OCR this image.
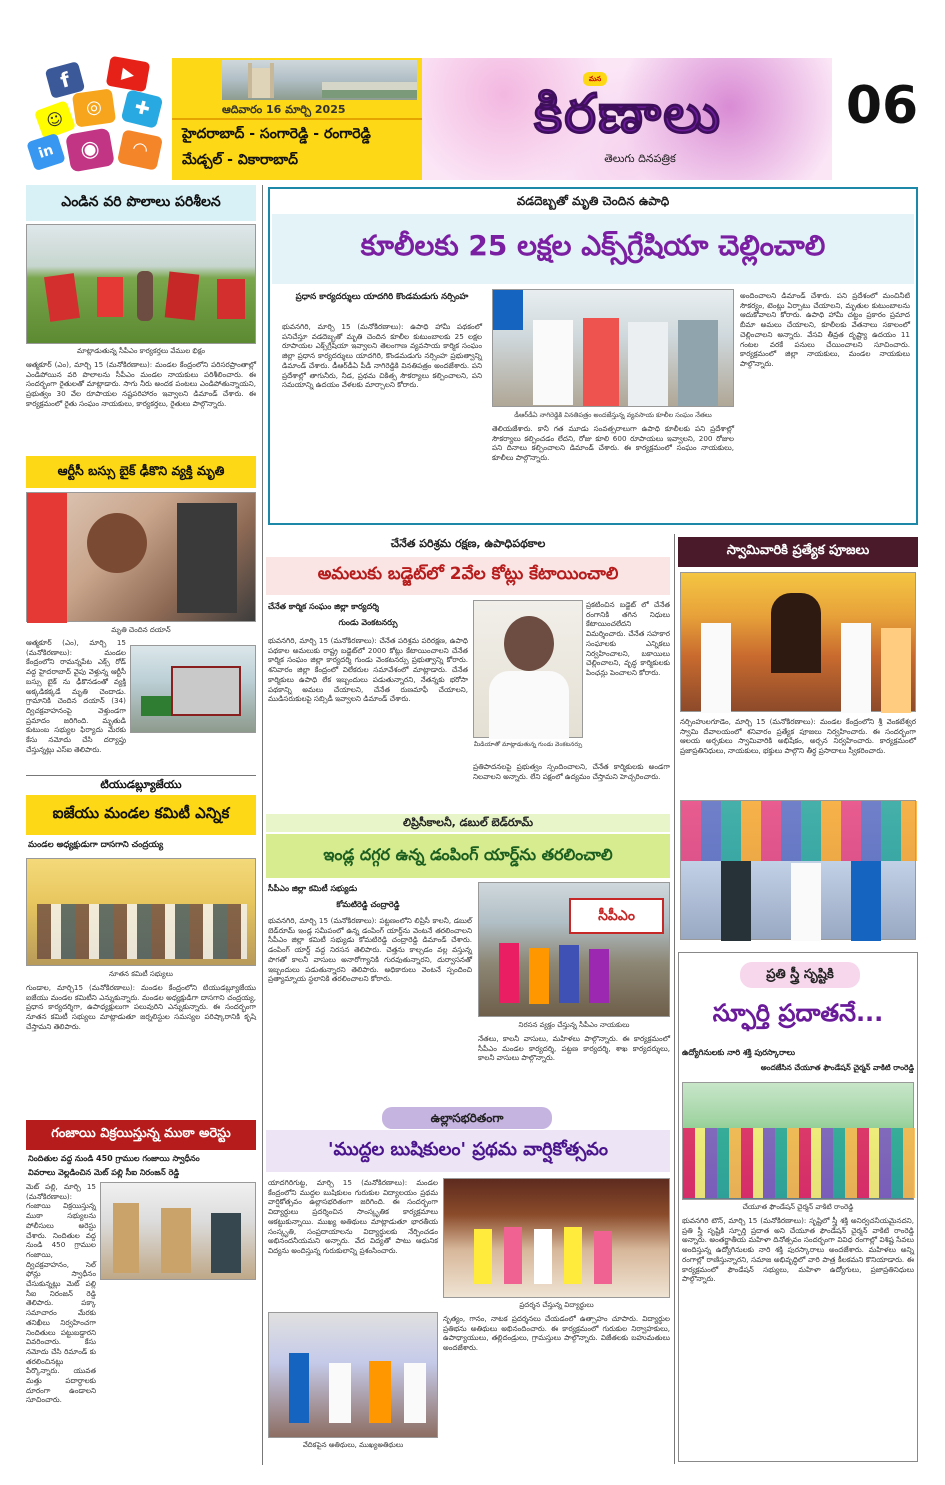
f	▶
◎
☺	✚
◉	◠
in
ఆదివారం 16 మార్చి 2025
హైదరాబాద్ - సంగారెడ్డి - రంగారెడ్డి
మేడ్చల్ - వికారాబాద్
మన
కిరణాలు
తెలుగు దినపత్రిక
06
ఎండిన వరి పొలాలు పరిశీలన
మాట్లాడుతున్న సీపీఎం కార్యకర్తలు వేముల భిక్షం
ఆత్మకూర్ (ఎం), మార్చి 15 (మనోకిరణాలు): మండల కేంద్రంలోని పరిసరప్రాంతాల్లో ఎండిపోయిన వరి పొలాలను సీపీఎం మండల నాయకులు పరిశీలించారు. ఈ సందర్భంగా రైతులతో మాట్లాడారు. సాగు నీరు అందక పంటలు ఎండిపోతున్నాయని, ప్రభుత్వం 30 వేల రూపాయల నష్టపరిహారం ఇవ్వాలని డిమాండ్ చేశారు. ఈ కార్యక్రమంలో రైతు సంఘం నాయకులు, కార్యకర్తలు, రైతులు పాల్గొన్నారు.
ఆర్టీసీ బస్సు బైక్ ఢీకొని వ్యక్తి మృతి
మృతి చెందిన దయాన్
ఆత్మకూర్ (ఎం), మార్చి 15 (మనోకిరణాలు): మండల కేంద్రంలోని రామన్నపేట ఎక్స్ రోడ్ వద్ద హైదరాబాద్ వైపు వెళ్తున్న ఆర్టీసీ బస్సు బైక్ ను ఢీకొనడంతో వ్యక్తి అక్కడికక్కడే మృతి చెందాడు. గ్రామానికి చెందిన దయాన్ (34) ద్విచక్రవాహనంపై వెళ్తుండగా ప్రమాదం జరిగింది. మృతుడి కుటుంబ సభ్యుల ఫిర్యాదు మేరకు కేసు నమోదు చేసి దర్యాప్తు చేస్తున్నట్లు ఎస్ఐ తెలిపారు.
టియుడబ్ల్యూజేయు
ఐజేయు మండల కమిటీ ఎన్నిక
మండల అధ్యక్షుడుగా దాసగాని చంద్రయ్య
నూతన కమిటీ సభ్యులు
గుండాల, మార్చి15 (మనోకిరణాలు): మండల కేంద్రంలోని టియుడబ్ల్యూజేయు ఐజేయు మండల కమిటీని ఎన్నుకున్నారు. మండల అధ్యక్షుడిగా దాసగాని చంద్రయ్య, ప్రధాన కార్యదర్శిగా, ఉపాధ్యక్షులుగా పలువురిని ఎన్నుకున్నారు. ఈ సందర్భంగా నూతన కమిటీ సభ్యులు మాట్లాడుతూ జర్నలిస్టుల సమస్యల పరిష్కారానికి కృషి చేస్తామని తెలిపారు.
గంజాయి విక్రయిస్తున్న ముఠా అరెస్టు
నిందితుల వద్ద నుండి 450 గ్రాముల గంజాయి స్వాధీనం
వివరాలు వెల్లడించిన మెట్ పల్లి సీఐ నిరంజన్ రెడ్డి
మెట్ పల్లి, మార్చి 15 (మనోకిరణాలు): గంజాయి విక్రయిస్తున్న ముఠా సభ్యులను పోలీసులు అరెస్టు చేశారు. నిందితుల వద్ద నుండి 450 గ్రాముల గంజాయి, ద్విచక్రవాహనం, సెల్ ఫోన్లు స్వాధీనం చేసుకున్నట్లు మెట్ పల్లి సీఐ నిరంజన్ రెడ్డి తెలిపారు. పక్కా సమాచారం మేరకు తనిఖీలు నిర్వహించగా నిందితులు పట్టుబడ్డారని వివరించారు. కేసు నమోదు చేసి రిమాండ్ కు తరలించినట్లు పేర్కొన్నారు. యువత మత్తు పదార్థాలకు దూరంగా ఉండాలని సూచించారు.
వడదెబ్బతో మృతి చెందిన ఉపాధి
కూలీలకు 25 లక్షల ఎక్స్‌గ్రేషియా చెల్లించాలి
ప్రధాన కార్యదర్శులు యాదగిరి కొండమడుగు నర్సింహ
భువనగిరి, మార్చి 15 (మనోకిరణాలు): ఉపాధి హామీ పథకంలో పనిచేస్తూ వడదెబ్బతో మృతి చెందిన కూలీల కుటుంబాలకు 25 లక్షల రూపాయల ఎక్స్‌గ్రేషియా ఇవ్వాలని తెలంగాణ వ్యవసాయ కార్మిక సంఘం జిల్లా ప్రధాన కార్యదర్శులు యాదగిరి, కొండమడుగు నర్సింహ ప్రభుత్వాన్ని డిమాండ్ చేశారు. డీఆర్‌డీఏ పీడీ నాగిరెడ్డికి వినతిపత్రం అందజేశారు. పని ప్రదేశాల్లో తాగునీరు, నీడ, ప్రథమ చికిత్స సౌకర్యాలు కల్పించాలని, పని సమయాన్ని ఉదయం వేళలకు మార్చాలని కోరారు.
డీఆర్‌డీఏ నాగిరెడ్డికి వినతిపత్రం అందజేస్తున్న వ్యవసాయ కూలీల సంఘం నేతలు
తెలియజేశారు. కానీ గత మూడు సంవత్సరాలుగా ఉపాధి కూలీలకు పని ప్రదేశాల్లో సౌకర్యాలు కల్పించడం లేదని, రోజు కూలి 600 రూపాయలు ఇవ్వాలని, 200 రోజుల పని దినాలు కల్పించాలని డిమాండ్ చేశారు. ఈ కార్యక్రమంలో సంఘం నాయకులు, కూలీలు పాల్గొన్నారు.
అందించాలని డిమాండ్ చేశారు. పని ప్రదేశంలో మంచినీటి సౌకర్యం, టెంట్లు ఏర్పాటు చేయాలని, మృతుల కుటుంబాలను ఆదుకోవాలని కోరారు. ఉపాధి హామీ చట్టం ప్రకారం ప్రమాద బీమా అమలు చేయాలని, కూలీలకు వేతనాలు సకాలంలో చెల్లించాలని అన్నారు. వేసవి తీవ్రత దృష్ట్యా ఉదయం 11 గంటల వరకే పనులు చేయించాలని సూచించారు. కార్యక్రమంలో జిల్లా నాయకులు, మండల నాయకులు పాల్గొన్నారు.
చేనేత పరిశ్రమ రక్షణ, ఉపాధిపథకాల
అమలుకు బడ్జెట్‌లో 2వేల కోట్లు కేటాయించాలి
చేనేత కార్మిక సంఘం జిల్లా కార్యదర్శి
గుండు వెంకటనర్సు
భువనగిరి, మార్చి 15 (మనోకిరణాలు): చేనేత పరిశ్రమ పరిరక్షణ, ఉపాధి పథకాల అమలుకు రాష్ట్ర బడ్జెట్‌లో 2000 కోట్లు కేటాయించాలని చేనేత కార్మిక సంఘం జిల్లా కార్యదర్శి గుండు వెంకటనర్సు ప్రభుత్వాన్ని కోరారు. శనివారం జిల్లా కేంద్రంలో విలేకరుల సమావేశంలో మాట్లాడారు. చేనేత కార్మికులు ఉపాధి లేక ఇబ్బందులు పడుతున్నారని, నేతన్నకు భరోసా పథకాన్ని అమలు చేయాలని, చేనేత రుణమాఫీ చేయాలని, ముడిసరుకులపై సబ్సిడీ ఇవ్వాలని డిమాండ్ చేశారు.
మీడియాతో మాట్లాడుతున్న గుండు వెంకటనర్సు
ప్రకటించిన బడ్జెట్ లో చేనేత రంగానికి తగిన నిధులు కేటాయించలేదని విమర్శించారు. చేనేత సహకార సంఘాలకు ఎన్నికలు నిర్వహించాలని, బకాయిలు చెల్లించాలని, వృద్ధ కార్మికులకు పింఛన్లు పెంచాలని కోరారు.
ప్రతిపాదనలపై ప్రభుత్వం స్పందించాలని, చేనేత కార్మికులకు అండగా నిలవాలని అన్నారు. లేని పక్షంలో ఉద్యమం చేస్తామని హెచ్చరించారు.
లిప్రిసీకాలనీ, డబుల్ బెడ్‌రూమ్
ఇండ్ల దగ్గర ఉన్న డంపింగ్ యార్డ్‌ను తరలించాలి
సీపీఎం జిల్లా కమిటీ సభ్యుడు
కోమటిరెడ్డి చంద్రారెడ్డి
భువనగిరి, మార్చి 15 (మనోకిరణాలు): పట్టణంలోని లిప్రిసీ కాలనీ, డబుల్ బెడ్‌రూమ్ ఇండ్ల సమీపంలో ఉన్న డంపింగ్ యార్డ్‌ను వెంటనే తరలించాలని సీపీఎం జిల్లా కమిటీ సభ్యుడు కోమటిరెడ్డి చంద్రారెడ్డి డిమాండ్ చేశారు. డంపింగ్ యార్డ్ వద్ద నిరసన తెలిపారు. చెత్తను కాల్చడం వల్ల వస్తున్న పొగతో కాలనీ వాసులు అనారోగ్యానికి గురవుతున్నారని, దుర్వాసనతో ఇబ్బందులు పడుతున్నారని తెలిపారు. అధికారులు వెంటనే స్పందించి ప్రత్యామ్నాయ స్థలానికి తరలించాలని కోరారు.
సీపీఎం
నిరసన వ్యక్తం చేస్తున్న సీపీఎం నాయకులు
నేతలు, కాలనీ వాసులు, మహిళలు పాల్గొన్నారు. ఈ కార్యక్రమంలో సీపీఎం మండల కార్యదర్శి, పట్టణ కార్యదర్శి, శాఖ కార్యదర్శులు, కాలనీ వాసులు పాల్గొన్నారు.
ఉల్లాసభరితంగా
'ముద్దల బుషికులం' ప్రథమ వార్షికోత్సవం
యాదగిరిగుట్ట, మార్చి 15 (మనోకిరణాలు): మండల కేంద్రంలోని ముద్దల బుషికులం గురుకుల విద్యాలయం ప్రథమ వార్షికోత్సవం ఉల్లాసభరితంగా జరిగింది. ఈ సందర్భంగా విద్యార్థులు ప్రదర్శించిన సాంస్కృతిక కార్యక్రమాలు ఆకట్టుకున్నాయి. ముఖ్య అతిథులు మాట్లాడుతూ భారతీయ సంస్కృతి, సంప్రదాయాలను విద్యార్థులకు నేర్పించడం అభినందనీయమని అన్నారు. వేద విద్యతో పాటు ఆధునిక విద్యను అందిస్తున్న గురుకులాన్ని ప్రశంసించారు.
ప్రదర్శన చేస్తున్న విద్యార్థులు
వేదికపైన అతిథులు, ముఖ్యఅతిథులు
నృత్యం, గానం, నాటక ప్రదర్శనలు చేయడంలో ఉత్సాహం చూపారు. విద్యార్థుల ప్రతిభను అతిథులు అభినందించారు. ఈ కార్యక్రమంలో గురుకుల నిర్వాహకులు, ఉపాధ్యాయులు, తల్లిదండ్రులు, గ్రామస్తులు పాల్గొన్నారు. విజేతలకు బహుమతులు అందజేశారు.
స్వామివారికి ప్రత్యేక పూజలు
నర్సింహులగూడెం, మార్చి 15 (మనోకిరణాలు): మండల కేంద్రంలోని శ్రీ వెంకటేశ్వర స్వామి దేవాలయంలో శనివారం ప్రత్యేక పూజలు నిర్వహించారు. ఈ సందర్భంగా ఆలయ అర్చకులు స్వామివారికి అభిషేకం, అర్చన నిర్వహించారు. కార్యక్రమంలో ప్రజాప్రతినిధులు, నాయకులు, భక్తులు పాల్గొని తీర్థ ప్రసాదాలు స్వీకరించారు.
ప్రతి స్త్రీ సృష్టికి
స్ఫూర్తి ప్రదాతనే...
ఉద్యోగినులకు నారి శక్తి పురస్కారాలు
అందజేసిన చేయూత ఫౌండేషన్ చైర్మన్ వాకిటి రాంరెడ్డి
చేయూత ఫౌండేషన్ చైర్మన్ వాకిటి రాంరెడ్డి
భువనగిరి టౌన్, మార్చి 15 (మనోకిరణాలు): సృష్టిలో స్త్రీ శక్తి అనిర్వచనీయమైనదని, ప్రతి స్త్రీ సృష్టికి స్ఫూర్తి ప్రదాత అని చేయూత ఫౌండేషన్ చైర్మన్ వాకిటి రాంరెడ్డి అన్నారు. అంతర్జాతీయ మహిళా దినోత్సవం సందర్భంగా వివిధ రంగాల్లో విశిష్ట సేవలు అందిస్తున్న ఉద్యోగినులకు నారి శక్తి పురస్కారాలు అందజేశారు. మహిళలు అన్ని రంగాల్లో రాణిస్తున్నారని, సమాజ అభివృద్ధిలో వారి పాత్ర కీలకమని కొనియాడారు. ఈ కార్యక్రమంలో ఫౌండేషన్ సభ్యులు, మహిళా ఉద్యోగులు, ప్రజాప్రతినిధులు పాల్గొన్నారు.
